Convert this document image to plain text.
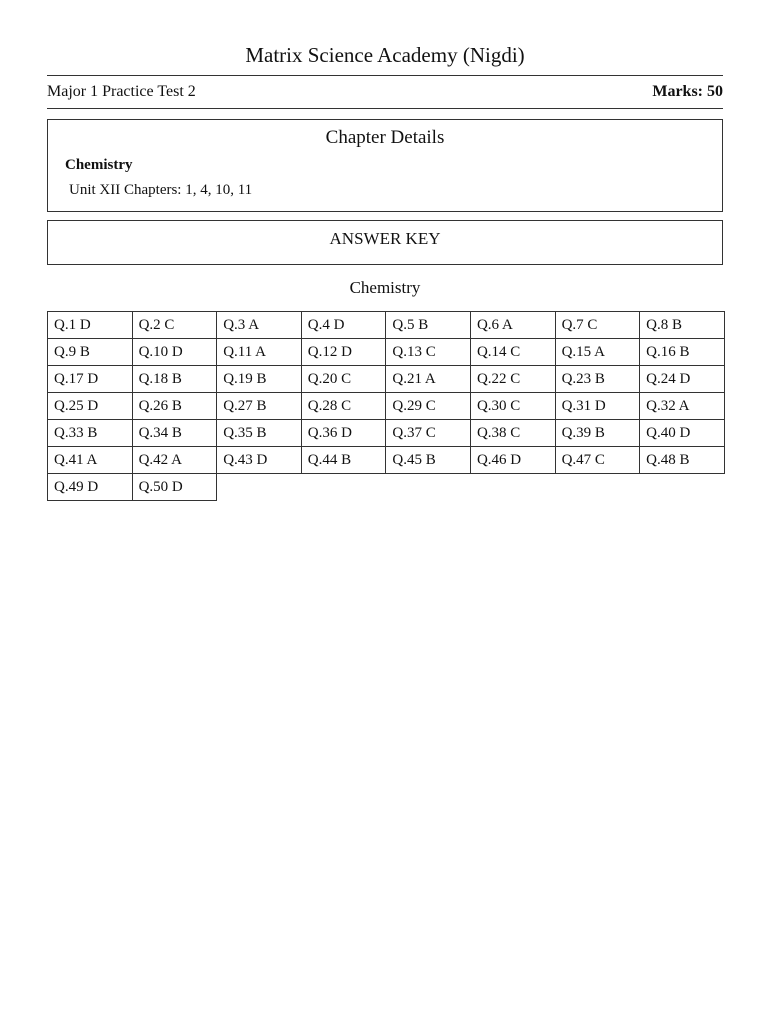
Matrix Science Academy (Nigdi)
Major 1 Practice Test 2	Marks: 50
Chapter Details
Chemistry
Unit XII Chapters: 1, 4, 10, 11
ANSWER KEY
Chemistry
Q.1 D	Q.2 C	Q.3 A	Q.4 D	Q.5 B	Q.6 A	Q.7 C	Q.8 B
Q.9 B	Q.10 D	Q.11 A	Q.12 D	Q.13 C	Q.14 C	Q.15 A	Q.16 B
Q.17 D	Q.18 B	Q.19 B	Q.20 C	Q.21 A	Q.22 C	Q.23 B	Q.24 D
Q.25 D	Q.26 B	Q.27 B	Q.28 C	Q.29 C	Q.30 C	Q.31 D	Q.32 A
Q.33 B	Q.34 B	Q.35 B	Q.36 D	Q.37 C	Q.38 C	Q.39 B	Q.40 D
Q.41 A	Q.42 A	Q.43 D	Q.44 B	Q.45 B	Q.46 D	Q.47 C	Q.48 B
Q.49 D	Q.50 D						
